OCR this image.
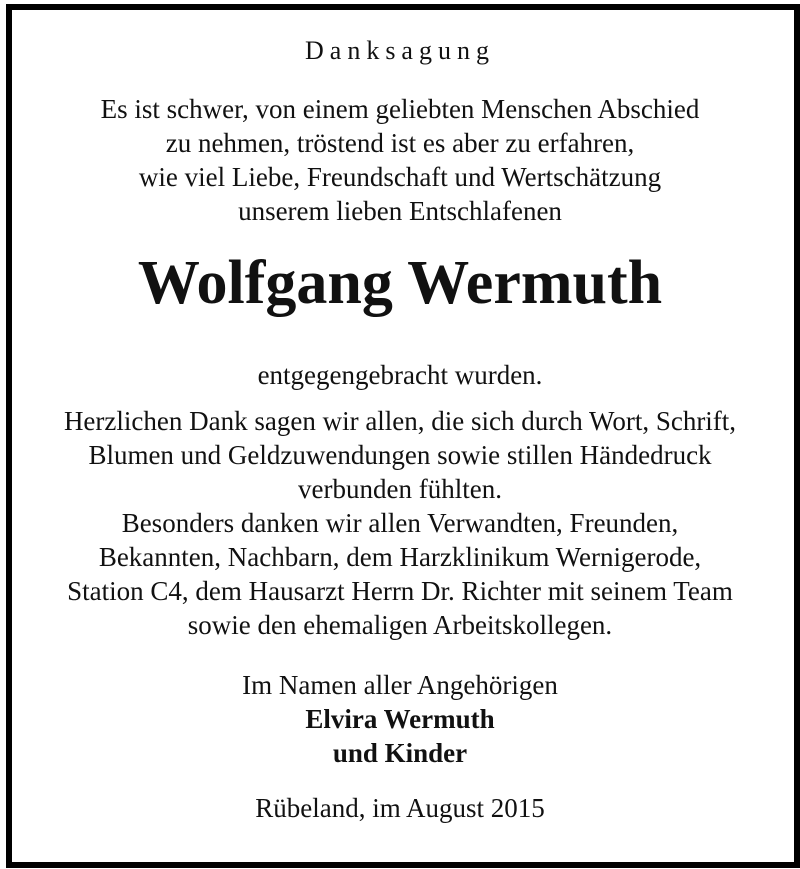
Danksagung
Es ist schwer, von einem geliebten Menschen Abschied
zu nehmen, tröstend ist es aber zu erfahren,
wie viel Liebe, Freundschaft und Wertschätzung
unserem lieben Entschlafenen
Wolfgang Wermuth
entgegengebracht wurden.
Herzlichen Dank sagen wir allen, die sich durch Wort, Schrift,
Blumen und Geldzuwendungen sowie stillen Händedruck
verbunden fühlten.
Besonders danken wir allen Verwandten, Freunden,
Bekannten, Nachbarn, dem Harzklinikum Wernigerode,
Station C4, dem Hausarzt Herrn Dr. Richter mit seinem Team
sowie den ehemaligen Arbeitskollegen.
Im Namen aller Angehörigen
Elvira Wermuth
und Kinder
Rübeland, im August 2015
